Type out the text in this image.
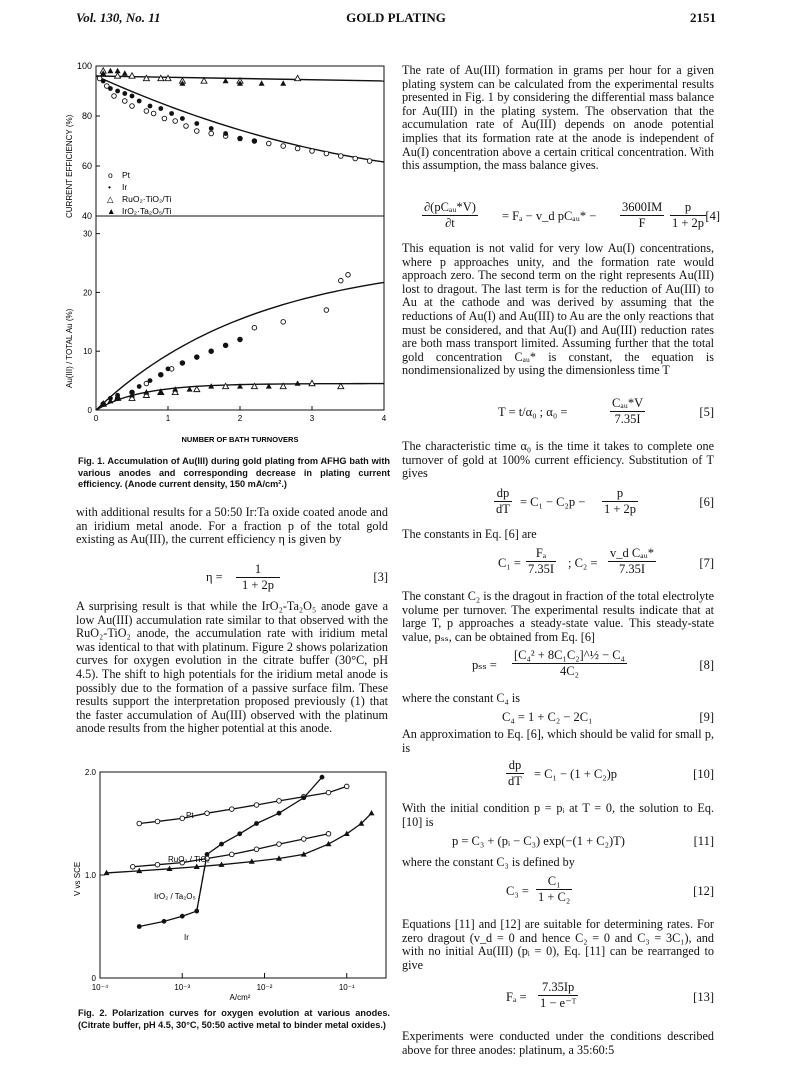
Vol. 130, No. 11	GOLD PLATING	2151
CURRENT EFFICIENCY (%)
Au(III) / TOTAL Au (%)
100
80
60
40
30
20
10
0
0	1	2	3	4
o Pt
• Ir
△ RuO₂·TiO₂/Ti
▲ IrO₂·Ta₂O₅/Ti
NUMBER OF BATH TURNOVERS
Fig. 1. Accumulation of Au(III) during gold plating from AFHG bath with various anodes and corresponding decrease in plating current efficiency. (Anode current density, 150 mA/cm².)
with additional results for a 50:50 Ir:Ta oxide coated anode and an iridium metal anode. For a fraction p of the total gold existing as Au(III), the current efficiency η is given by
$\eta = \frac{1}{1 + 2p}$	[3]
A surprising result is that while the IrO₂-Ta₂O₅ anode gave a low Au(III) accumulation rate similar to that observed with the RuO₂-TiO₂ anode, the accumulation rate with iridium metal was identical to that with platinum. Figure 2 shows polarization curves for oxygen evolution in the citrate buffer (30°C, pH 4.5). The shift to high potentials for the iridium metal anode is possibly due to the formation of a passive surface film. These results support the interpretation proposed previously (1) that the faster accumulation of Au(III) observed with the platinum anode results from the higher potential at this anode.
V vs SCE
10⁻⁴	10⁻³	10⁻²	10⁻¹
2.0
1.0
0
Pt
RuO₂ / TiO₂
IrO₂ / Ta₂O₅
Ir
A/cm²
Fig. 2. Polarization curves for oxygen evolution at various anodes. (Citrate buffer, pH 4.5, 30°C, 50:50 active metal to binder metal oxides.)
The rate of Au(III) formation in grams per hour for a given plating system can be calculated from the experimental results presented in Fig. 1 by considering the differential mass balance for Au(III) in the plating system. The observation that the accumulation rate of Au(III) depends on anode potential implies that its formation rate at the anode is independent of Au(I) concentration above a certain critical concentration. With this assumption, the mass balance gives.
∂(pCₐᵤ*V)
∂t	= Fₐ − v_d pCₐᵤ* − $\frac{3600IM}{F} \frac{p}{1 + 2p} [4]$
This equation is not valid for very low Au(I) concentrations, where p approaches unity, and the formation rate would approach zero. The second term on the right represents Au(III) lost to dragout. The last term is for the reduction of Au(III) to Au at the cathode and was derived by assuming that the reductions of Au(I) and Au(III) to Au are the only reactions that must be considered, and that Au(I) and Au(III) reduction rates are both mass transport limited. Assuming further that the total gold concentration Cₐᵤ* is constant, the equation is nondimensionalized by using the dimensionless time T
T = t/α₀ ; α₀ =
Cₐᵤ*V
7.35I	[5]
The characteristic time α₀ is the time it takes to complete one turnover of gold at 100% current efficiency. Substitution of T gives
$\frac{dp}{dT} = C_1 - C_2p - \frac{p}{1 + 2p}$	[6]
The constants in Eq. [6] are
$C_1 = \frac{\text{Fₐ}}{7.35I}$ ; C₂ =
v_d Cₐᵤ*
7.35I	[7]
The constant C₂ is the dragout in fraction of the total electrolyte volume per turnover. The experimental results indicate that at large T, p approaches a steady-state value. This steady-state value, pₛₛ, can be obtained from Eq. [6]
$p_{ss} = \frac{\text{[C₄² + 8C₁C₂]\textasciicircum{}½ − C₄}}{\text{4C₂}}$	[8]
where the constant C₄ is
C₄ = 1 + C₂ − 2C₁	[9]
An approximation to Eq. [6], which should be valid for small p, is
$\frac{dp}{dT} = C_1 - (1 + C_2)p$	[10]
With the initial condition p = pᵢ at T = 0, the solution to Eq. [10] is
p = C₃ + (pᵢ − C₃) exp(−(1 + C₂)T)	[11]
where the constant C₃ is defined by
$C_3 = \frac{\text{C₁}}{\text{1 + C₂}}$	[12]
Equations [11] and [12] are suitable for determining rates. For zero dragout (v_d = 0 and hence C₂ = 0 and C₃ = 3C₁), and with no initial Au(III) (pᵢ = 0), Eq. [11] can be rearranged to give
$F_a = \frac{7.35Ip}{\text{1 − e⁻ᵀ}}$	[13]
Experiments were conducted under the conditions described above for three anodes: platinum, a 35:60:5
